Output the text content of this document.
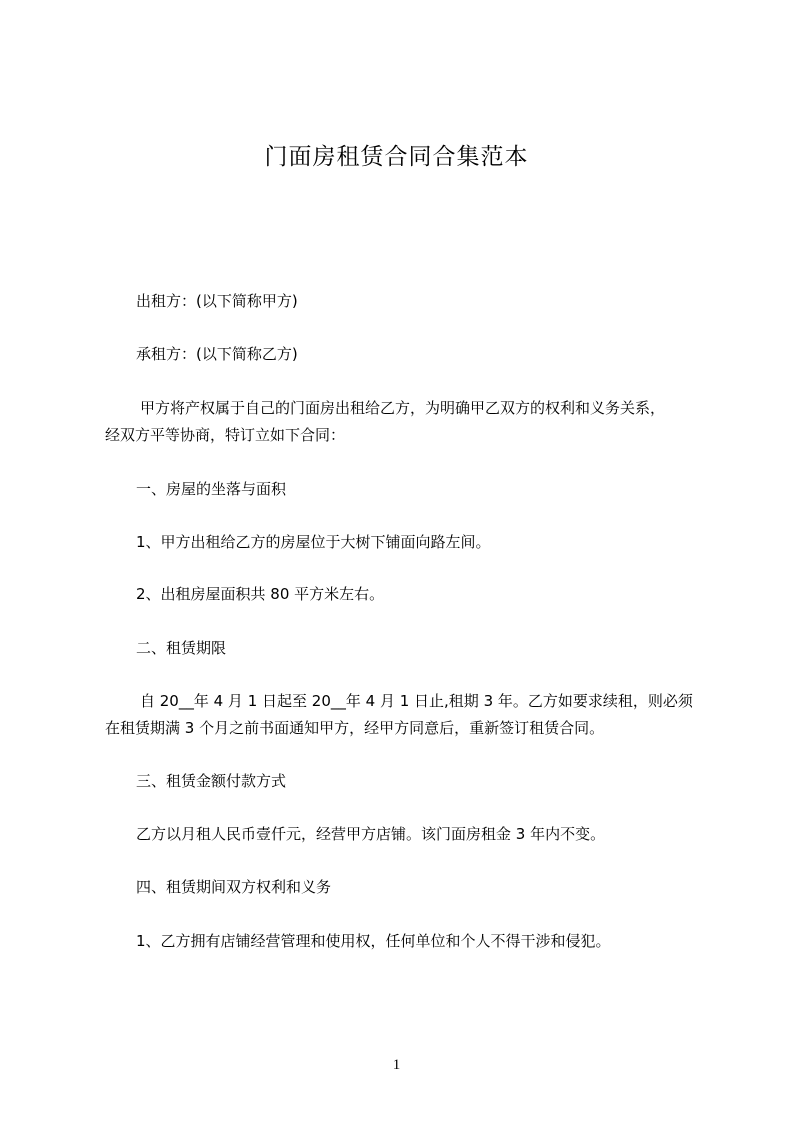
门面房租赁合同合集范本
出租方：(以下简称甲方)
承租方：(以下简称乙方)
甲方将产权属于自己的门面房出租给乙方，为明确甲乙双方的权利和义务关系，
经双方平等协商，特订立如下合同：
一、房屋的坐落与面积
1、甲方出租给乙方的房屋位于大树下铺面向路左间。
2、出租房屋面积共 80 平方米左右。
二、租赁期限
自 20__年 4 月 1 日起至 20__年 4 月 1 日止,租期 3 年。乙方如要求续租，则必须
在租赁期满 3 个月之前书面通知甲方，经甲方同意后，重新签订租赁合同。
三、租赁金额付款方式
乙方以月租人民币壹仟元，经营甲方店铺。该门面房租金 3 年内不变。
四、租赁期间双方权利和义务
1、乙方拥有店铺经营管理和使用权，任何单位和个人不得干涉和侵犯。
1
